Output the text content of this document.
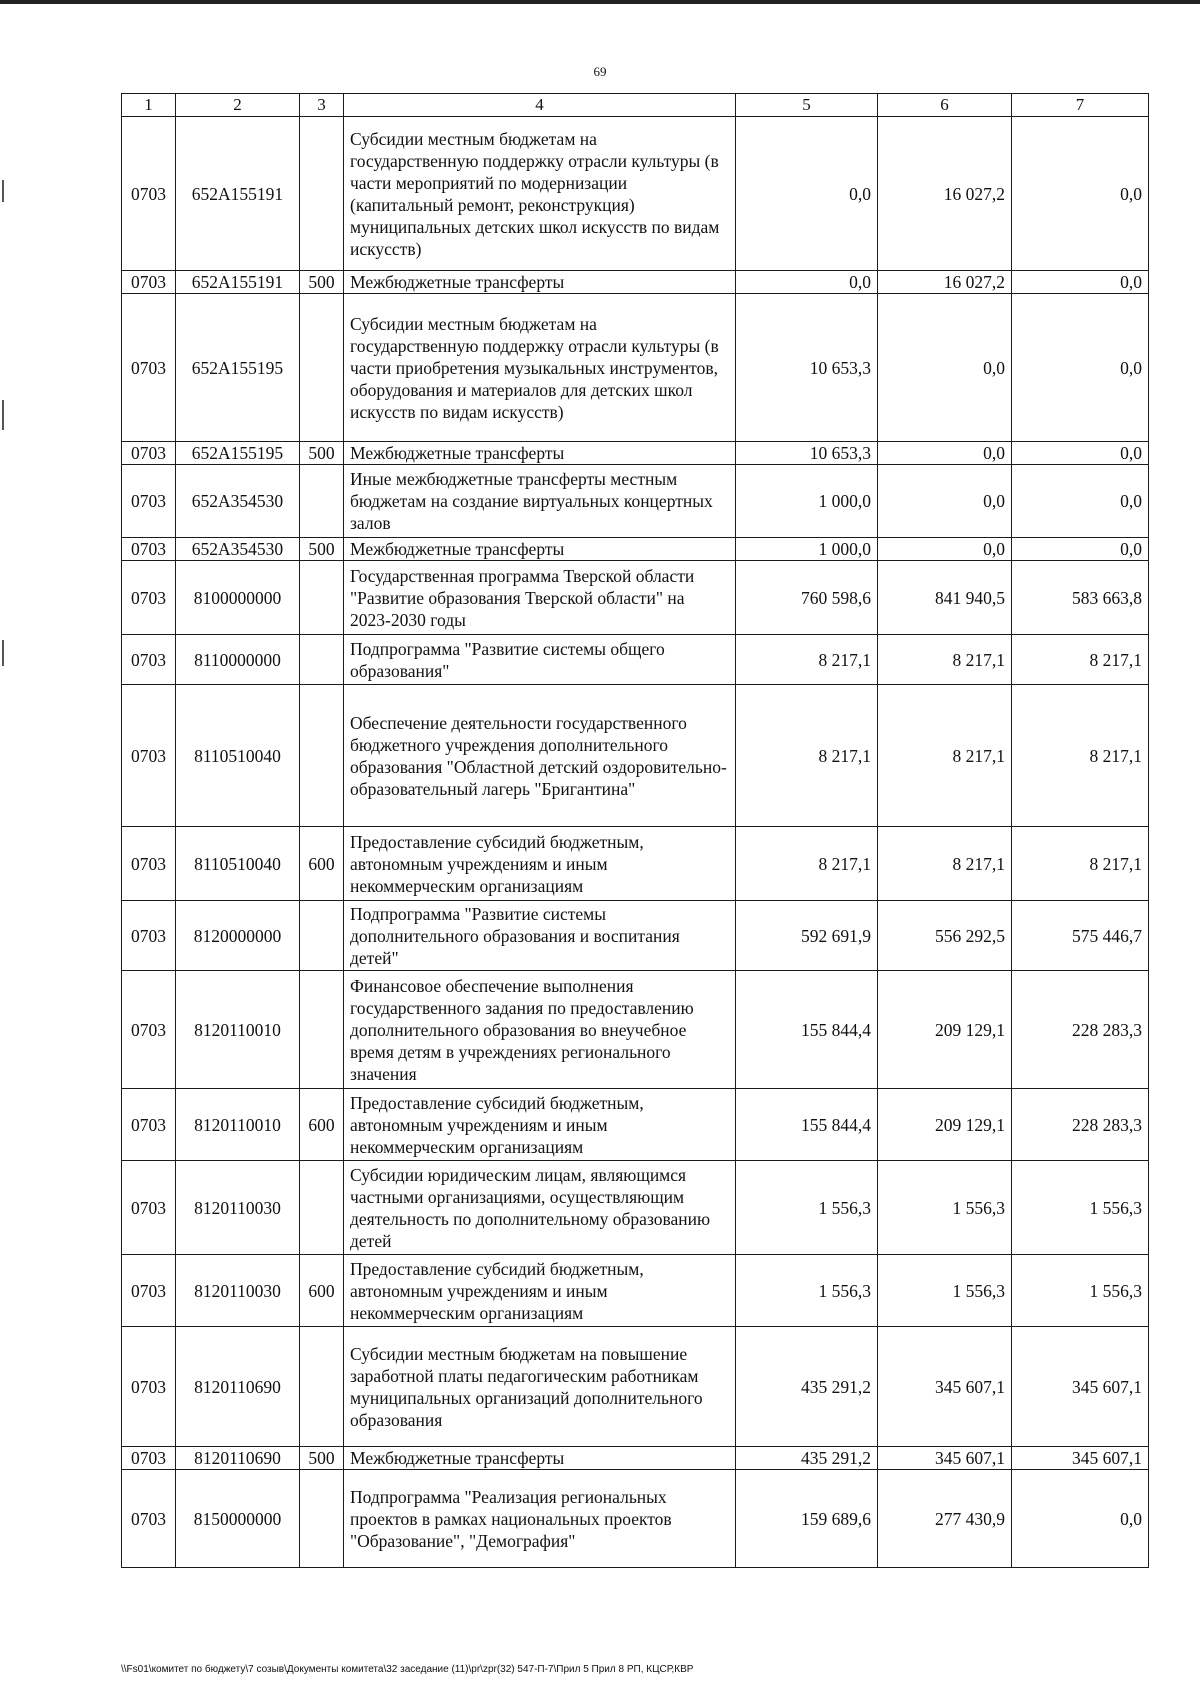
69
1	2	3	4	5	6	7
0703	652A155191		Субсидии местным бюджетам на государственную поддержку отрасли культуры (в части мероприятий по модернизации (капитальный ремонт, реконструкция) муниципальных детских школ искусств по видам искусств)	0,0	16 027,2	0,0
0703	652A155191	500	Межбюджетные трансферты	0,0	16 027,2	0,0
0703	652A155195		Субсидии местным бюджетам на государственную поддержку отрасли культуры (в части приобретения музыкальных инструментов, оборудования и материалов для детских школ искусств по видам искусств)	10 653,3	0,0	0,0
0703	652A155195	500	Межбюджетные трансферты	10 653,3	0,0	0,0
0703	652A354530		Иные межбюджетные трансферты местным бюджетам на создание виртуальных концертных залов	1 000,0	0,0	0,0
0703	652A354530	500	Межбюджетные трансферты	1 000,0	0,0	0,0
0703	8100000000		Государственная программа Тверской области "Развитие образования Тверской области" на 2023-2030 годы	760 598,6	841 940,5	583 663,8
0703	8110000000		Подпрограмма "Развитие системы общего образования"	8 217,1	8 217,1	8 217,1
0703	8110510040		Обеспечение деятельности государственного бюджетного учреждения дополнительного образования "Областной детский оздоровительно-образовательный лагерь "Бригантина"	8 217,1	8 217,1	8 217,1
0703	8110510040	600	Предоставление субсидий бюджетным, автономным учреждениям и иным некоммерческим организациям	8 217,1	8 217,1	8 217,1
0703	8120000000		Подпрограмма "Развитие системы дополнительного образования и воспитания детей"	592 691,9	556 292,5	575 446,7
0703	8120110010		Финансовое обеспечение выполнения государственного задания по предоставлению дополнительного образования во внеучебное время детям в учреждениях регионального значения	155 844,4	209 129,1	228 283,3
0703	8120110010	600	Предоставление субсидий бюджетным, автономным учреждениям и иным некоммерческим организациям	155 844,4	209 129,1	228 283,3
0703	8120110030		Субсидии юридическим лицам, являющимся частными организациями, осуществляющим деятельность по дополнительному образованию детей	1 556,3	1 556,3	1 556,3
0703	8120110030	600	Предоставление субсидий бюджетным, автономным учреждениям и иным некоммерческим организациям	1 556,3	1 556,3	1 556,3
0703	8120110690		Субсидии местным бюджетам на повышение заработной платы педагогическим работникам муниципальных организаций дополнительного образования	435 291,2	345 607,1	345 607,1
0703	8120110690	500	Межбюджетные трансферты	435 291,2	345 607,1	345 607,1
0703	8150000000		Подпрограмма "Реализация региональных проектов в рамках национальных проектов "Образование", "Демография"	159 689,6	277 430,9	0,0
\\Fs01\комитет по бюджету\7 созыв\Документы комитета\32 заседание (11)\pr\zpr(32) 547-П-7\Прил 5 Прил 8 РП, КЦСР,КВР
